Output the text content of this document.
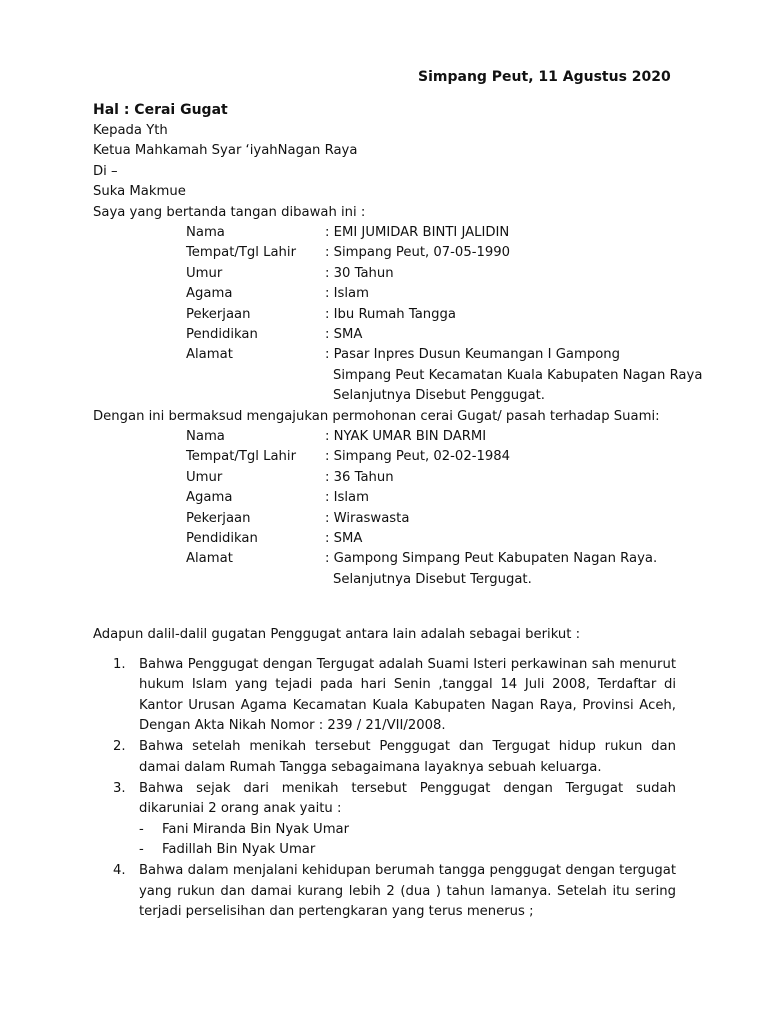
Simpang Peut, 11 Agustus 2020
Hal : Cerai Gugat
Kepada Yth
Ketua Mahkamah Syar ‘iyahNagan Raya
Di –
Suka Makmue
Saya yang bertanda tangan dibawah ini :
Nama	: EMI JUMIDAR BINTI JALIDIN
Tempat/Tgl Lahir : Simpang Peut, 07-05-1990
Umur	: 30 Tahun
Agama	: Islam
Pekerjaan	: Ibu Rumah Tangga
Pendidikan	: SMA
Alamat	: Pasar Inpres Dusun Keumangan I Gampong
Simpang Peut Kecamatan Kuala Kabupaten Nagan Raya
Selanjutnya Disebut Penggugat.
Dengan ini bermaksud mengajukan permohonan cerai Gugat/ pasah terhadap Suami:
Nama	: NYAK UMAR BIN DARMI
Tempat/Tgl Lahir : Simpang Peut, 02-02-1984
Umur	: 36 Tahun
Agama	: Islam
Pekerjaan	: Wiraswasta
Pendidikan	: SMA
Alamat	: Gampong Simpang Peut Kabupaten Nagan Raya.
Selanjutnya Disebut Tergugat.
Adapun dalil-dalil gugatan Penggugat antara lain adalah sebagai berikut :
1. Bahwa Penggugat dengan Tergugat adalah Suami Isteri perkawinan sah menurut hukum Islam yang tejadi pada hari Senin ,tanggal 14 Juli 2008, Terdaftar di Kantor Urusan Agama Kecamatan Kuala Kabupaten Nagan Raya, Provinsi Aceh, Dengan Akta Nikah Nomor : 239 / 21/VII/2008.
2. Bahwa setelah menikah tersebut Penggugat dan Tergugat hidup rukun dan damai dalam Rumah Tangga sebagaimana layaknya sebuah keluarga.
3. Bahwa sejak dari menikah tersebut Penggugat dengan Tergugat sudah dikaruniai 2 orang anak yaitu :
- Fani Miranda Bin Nyak Umar
- Fadillah Bin Nyak Umar
4. Bahwa dalam menjalani kehidupan berumah tangga penggugat dengan tergugat yang rukun dan damai kurang lebih 2 (dua ) tahun lamanya. Setelah itu sering terjadi perselisihan dan pertengkaran yang terus menerus ;
